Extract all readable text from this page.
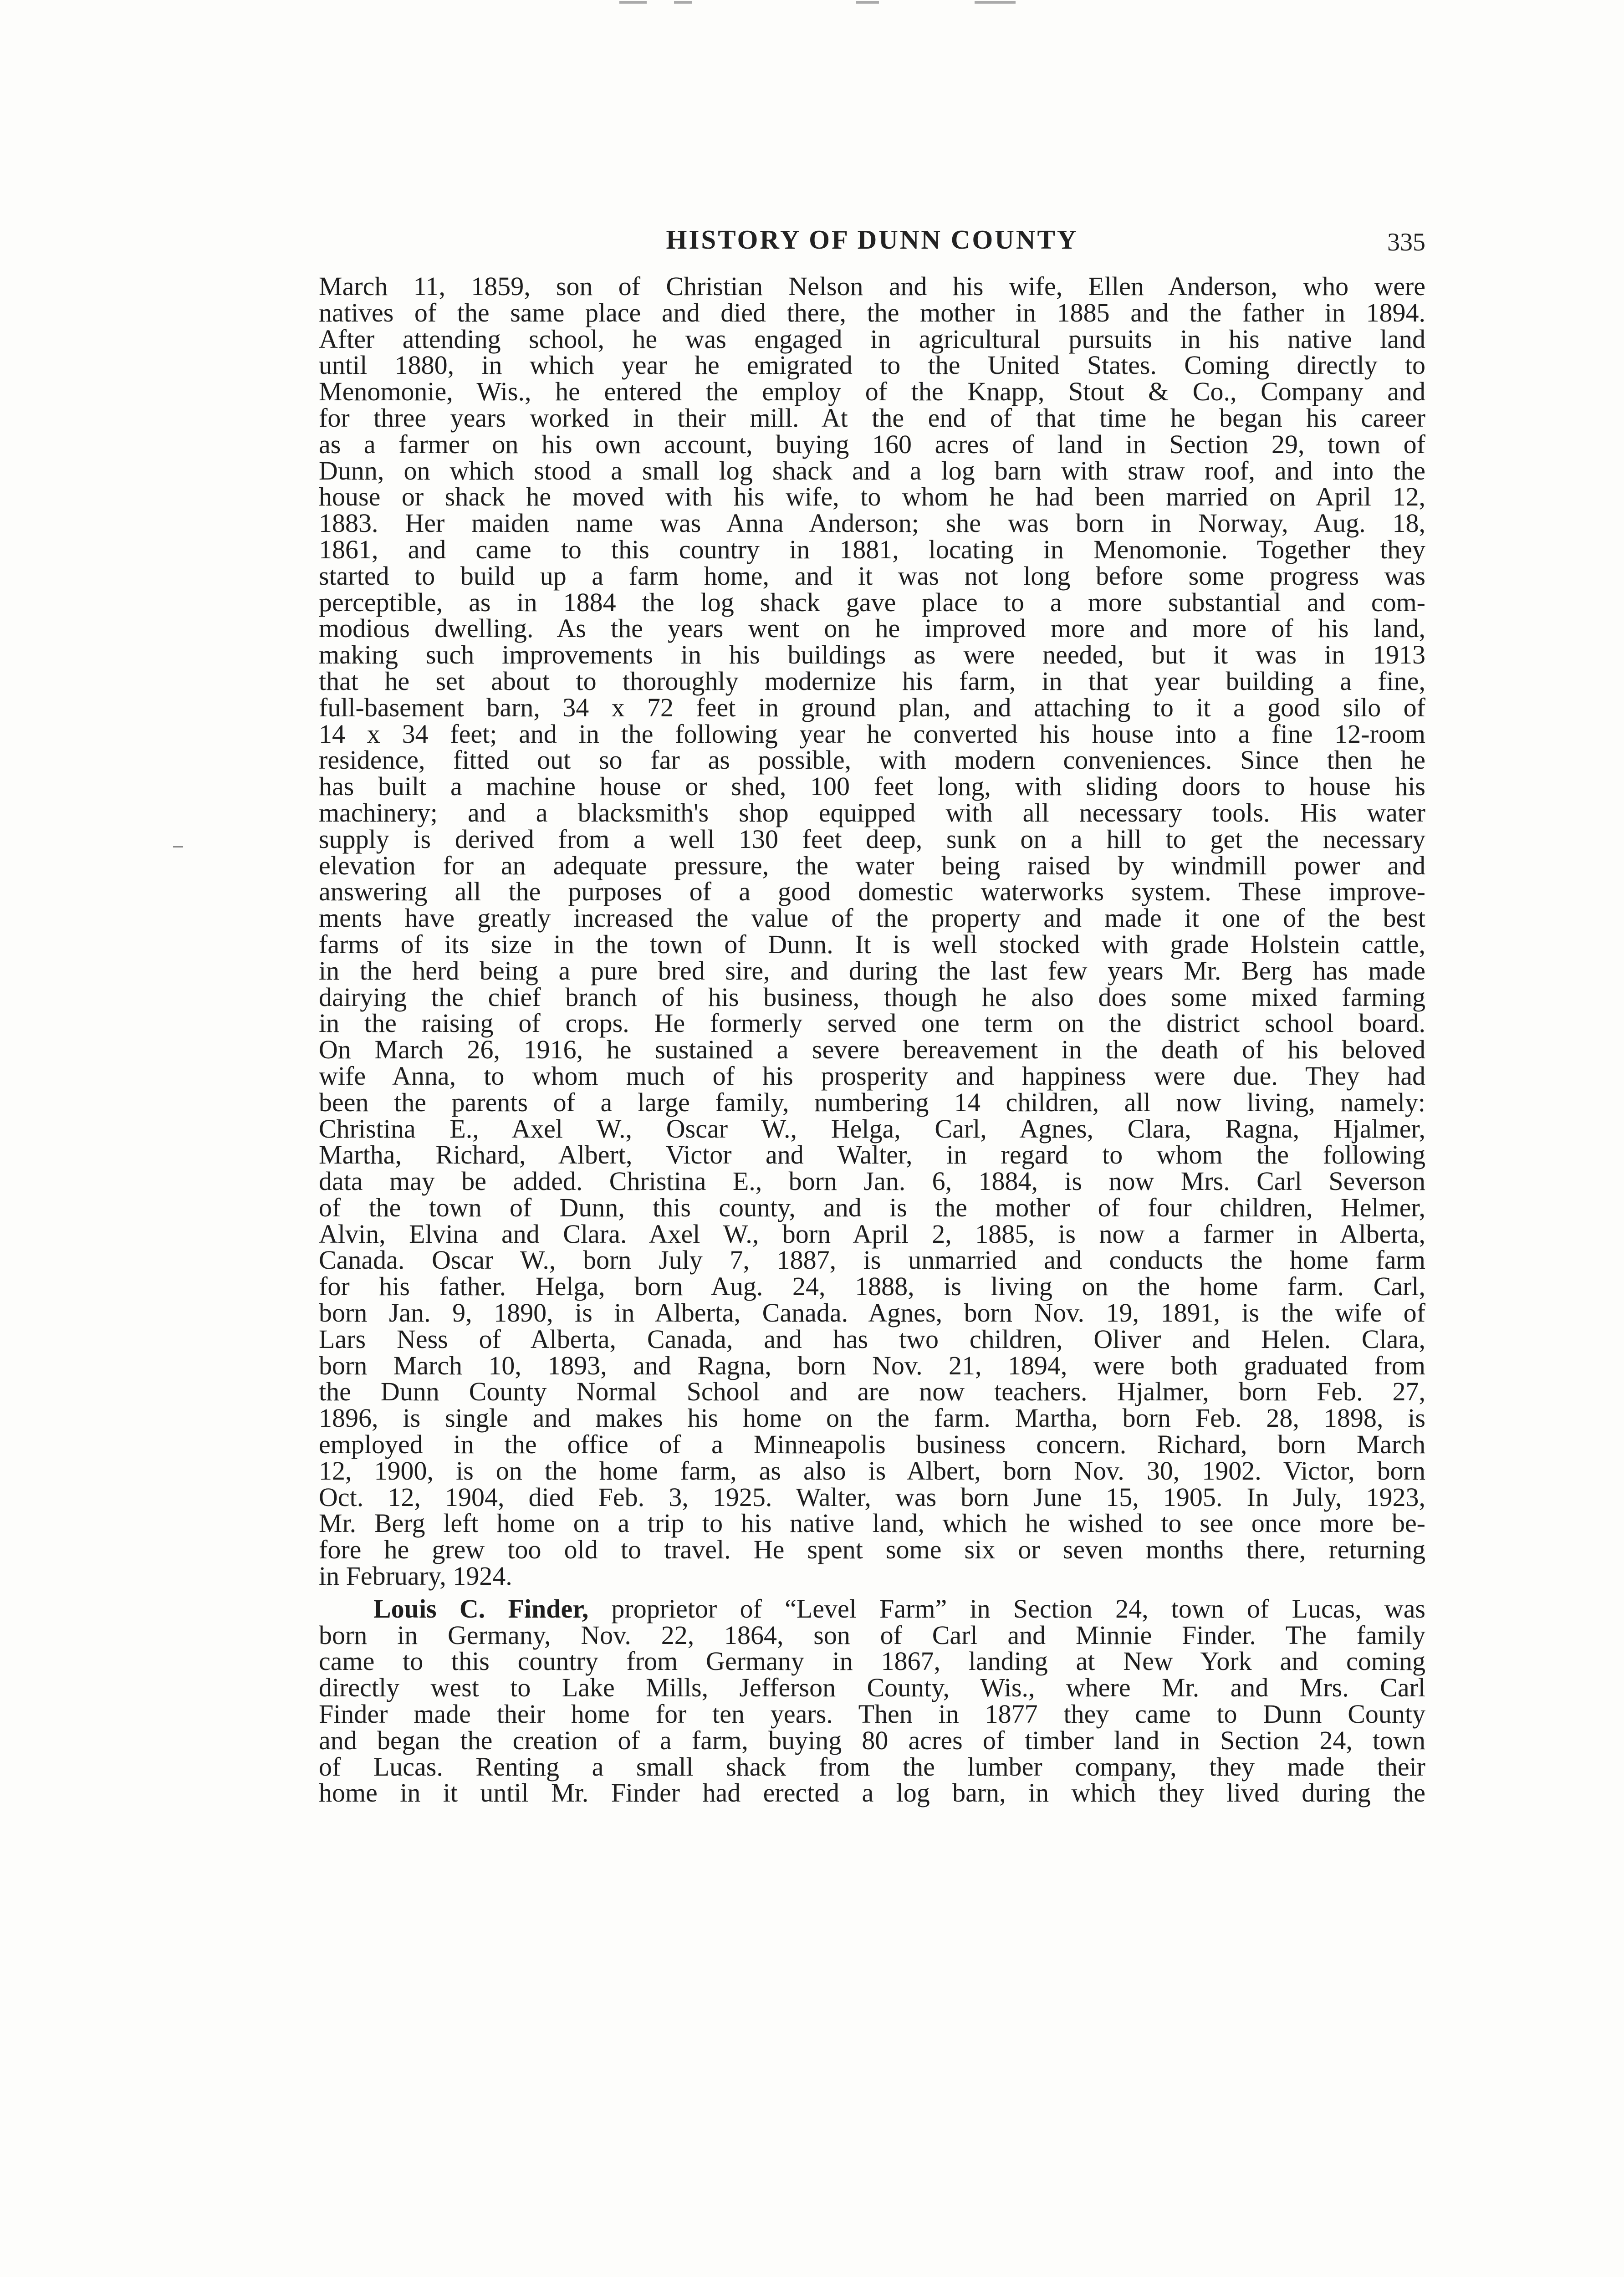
HISTORY OF DUNN COUNTY	335
March 11, 1859, son of Christian Nelson and his wife, Ellen Anderson, who were
natives of the same place and died there, the mother in 1885 and the father in 1894.
After attending school, he was engaged in agricultural pursuits in his native land
until 1880, in which year he emigrated to the United States. Coming directly to
Menomonie, Wis., he entered the employ of the Knapp, Stout & Co., Company and
for three years worked in their mill. At the end of that time he began his career
as a farmer on his own account, buying 160 acres of land in Section 29, town of
Dunn, on which stood a small log shack and a log barn with straw roof, and into the
house or shack he moved with his wife, to whom he had been married on April 12,
1883. Her maiden name was Anna Anderson; she was born in Norway, Aug. 18,
1861, and came to this country in 1881, locating in Menomonie. Together they
started to build up a farm home, and it was not long before some progress was
perceptible, as in 1884 the log shack gave place to a more substantial and com-
modious dwelling. As the years went on he improved more and more of his land,
making such improvements in his buildings as were needed, but it was in 1913
that he set about to thoroughly modernize his farm, in that year building a fine,
full-basement barn, 34 x 72 feet in ground plan, and attaching to it a good silo of
14 x 34 feet; and in the following year he converted his house into a fine 12-room
residence, fitted out so far as possible, with modern conveniences. Since then he
has built a machine house or shed, 100 feet long, with sliding doors to house his
machinery; and a blacksmith's shop equipped with all necessary tools. His water
supply is derived from a well 130 feet deep, sunk on a hill to get the necessary
elevation for an adequate pressure, the water being raised by windmill power and
answering all the purposes of a good domestic waterworks system. These improve-
ments have greatly increased the value of the property and made it one of the best
farms of its size in the town of Dunn. It is well stocked with grade Holstein cattle,
in the herd being a pure bred sire, and during the last few years Mr. Berg has made
dairying the chief branch of his business, though he also does some mixed farming
in the raising of crops. He formerly served one term on the district school board.
On March 26, 1916, he sustained a severe bereavement in the death of his beloved
wife Anna, to whom much of his prosperity and happiness were due. They had
been the parents of a large family, numbering 14 children, all now living, namely:
Christina E., Axel W., Oscar W., Helga, Carl, Agnes, Clara, Ragna, Hjalmer,
Martha, Richard, Albert, Victor and Walter, in regard to whom the following
data may be added. Christina E., born Jan. 6, 1884, is now Mrs. Carl Severson
of the town of Dunn, this county, and is the mother of four children, Helmer,
Alvin, Elvina and Clara. Axel W., born April 2, 1885, is now a farmer in Alberta,
Canada. Oscar W., born July 7, 1887, is unmarried and conducts the home farm
for his father. Helga, born Aug. 24, 1888, is living on the home farm. Carl,
born Jan. 9, 1890, is in Alberta, Canada. Agnes, born Nov. 19, 1891, is the wife of
Lars Ness of Alberta, Canada, and has two children, Oliver and Helen. Clara,
born March 10, 1893, and Ragna, born Nov. 21, 1894, were both graduated from
the Dunn County Normal School and are now teachers. Hjalmer, born Feb. 27,
1896, is single and makes his home on the farm. Martha, born Feb. 28, 1898, is
employed in the office of a Minneapolis business concern. Richard, born March
12, 1900, is on the home farm, as also is Albert, born Nov. 30, 1902. Victor, born
Oct. 12, 1904, died Feb. 3, 1925. Walter, was born June 15, 1905. In July, 1923,
Mr. Berg left home on a trip to his native land, which he wished to see once more be-
fore he grew too old to travel. He spent some six or seven months there, returning
in February, 1924.
Louis C. Finder, proprietor of “Level Farm” in Section 24, town of Lucas, was
born in Germany, Nov. 22, 1864, son of Carl and Minnie Finder. The family
came to this country from Germany in 1867, landing at New York and coming
directly west to Lake Mills, Jefferson County, Wis., where Mr. and Mrs. Carl
Finder made their home for ten years. Then in 1877 they came to Dunn County
and began the creation of a farm, buying 80 acres of timber land in Section 24, town
of Lucas. Renting a small shack from the lumber company, they made their
home in it until Mr. Finder had erected a log barn, in which they lived during the
